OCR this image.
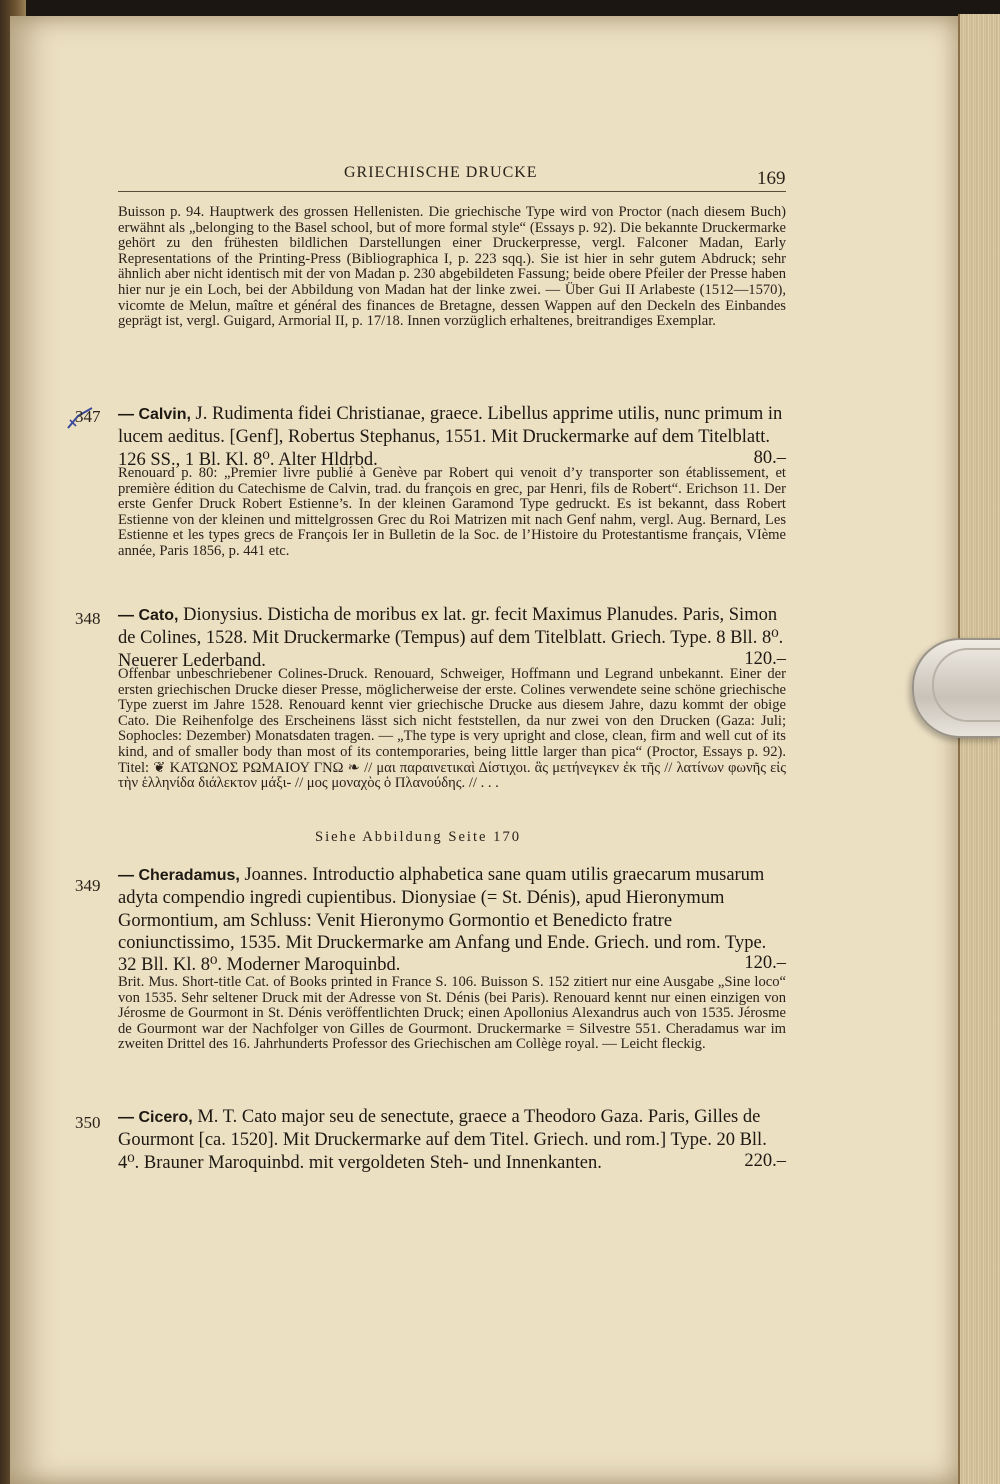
GRIECHISCHE DRUCKE	169
Buisson p. 94. Hauptwerk des grossen Hellenisten. Die griechische Type wird von Proctor (nach diesem Buch) erwähnt als „belonging to the Basel school, but of more formal style“ (Essays p. 92). Die bekannte Druckermarke gehört zu den frühesten bildlichen Darstellungen einer Druckerpresse, vergl. Falconer Madan, Early Representations of the Printing-Press (Bibliographica I, p. 223 sqq.). Sie ist hier in sehr gutem Abdruck; sehr ähnlich aber nicht identisch mit der von Madan p. 230 abgebildeten Fassung; beide obere Pfeiler der Presse haben hier nur je ein Loch, bei der Abbildung von Madan hat der linke zwei. — Über Gui II Arlabeste (1512—1570), vicomte de Melun, maître et général des finances de Bretagne, dessen Wappen auf den Deckeln des Einbandes geprägt ist, vergl. Guigard, Armorial II, p. 17/18. Innen vorzüglich erhaltenes, breitrandiges Exemplar.
347 — Calvin, J. Rudimenta fidei Christianae, graece. Libellus apprime utilis, nunc primum in lucem aeditus. [Genf], Robertus Stephanus, 1551. Mit Druckermarke auf dem Titelblatt. 126 SS., 1 Bl. Kl. 8⁰. Alter Hldrbd.	80.–
Renouard p. 80: „Premier livre publié à Genève par Robert qui venoit d’y transporter son établissement, et première édition du Catechisme de Calvin, trad. du françois en grec, par Henri, fils de Robert“. Erichson 11. Der erste Genfer Druck Robert Estienne’s. In der kleinen Garamond Type gedruckt. Es ist bekannt, dass Robert Estienne von der kleinen und mittelgrossen Grec du Roi Matrizen mit nach Genf nahm, vergl. Aug. Bernard, Les Estienne et les types grecs de François Ier in Bulletin de la Soc. de l’Histoire du Protestantisme français, VIème année, Paris 1856, p. 441 etc.
348 — Cato, Dionysius. Disticha de moribus ex lat. gr. fecit Maximus Planudes. Paris, Simon de Colines, 1528. Mit Druckermarke (Tempus) auf dem Titelblatt. Griech. Type. 8 Bll. 8⁰. Neuerer Lederband.	120.–
Offenbar unbeschriebener Colines-Druck. Renouard, Schweiger, Hoffmann und Legrand unbekannt. Einer der ersten griechischen Drucke dieser Presse, möglicherweise der erste. Colines verwendete seine schöne griechische Type zuerst im Jahre 1528. Renouard kennt vier griechische Drucke aus diesem Jahre, dazu kommt der obige Cato. Die Reihenfolge des Erscheinens lässt sich nicht feststellen, da nur zwei von den Drucken (Gaza: Juli; Sophocles: Dezember) Monatsdaten tragen. — „The type is very upright and close, clean, firm and well cut of its kind, and of smaller body than most of its contemporaries, being little larger than pica“ (Proctor, Essays p. 92). Titel: ❦ ΚΑΤΩΝΟΣ ΡΩΜΑΙΟΥ ΓΝΩ ❧ // μαι παραινετικαὶ Δίστιχοι. ἃς μετήνεγκεν ἐκ τῆς // λατίνων φωνῆς εἰς τὴν ἑλληνίδα διάλεκτον μάξι- // μος μοναχὸς ὁ Πλανούδης. // . . .
Siehe Abbildung Seite 170
349
— Cheradamus, Joannes. Introductio alphabetica sane quam utilis graecarum musarum adyta compendio ingredi cupientibus. Dionysiae (= St. Dénis), apud Hieronymum Gormontium, am Schluss: Venit Hieronymo Gormontio et Benedicto fratre coniunctissimo, 1535. Mit Druckermarke am Anfang und Ende. Griech. und rom. Type. 32 Bll. Kl. 8⁰. Moderner Maroquinbd.	120.–
Brit. Mus. Short-title Cat. of Books printed in France S. 106. Buisson S. 152 zitiert nur eine Ausgabe „Sine loco“ von 1535. Sehr seltener Druck mit der Adresse von St. Dénis (bei Paris). Renouard kennt nur einen einzigen von Jérosme de Gourmont in St. Dénis veröffentlichten Druck; einen Apollonius Alexandrus auch von 1535. Jérosme de Gourmont war der Nachfolger von Gilles de Gourmont. Druckermarke = Silvestre 551. Cheradamus war im zweiten Drittel des 16. Jahrhunderts Professor des Griechischen am Collège royal. — Leicht fleckig.
350 — Cicero, M. T. Cato major seu de senectute, graece a Theodoro Gaza. Paris, Gilles de Gourmont [ca. 1520]. Mit Druckermarke auf dem Titel. Griech. und rom.] Type. 20 Bll. 4⁰. Brauner Maroquinbd. mit vergoldeten Steh- und Innenkanten.	220.–
